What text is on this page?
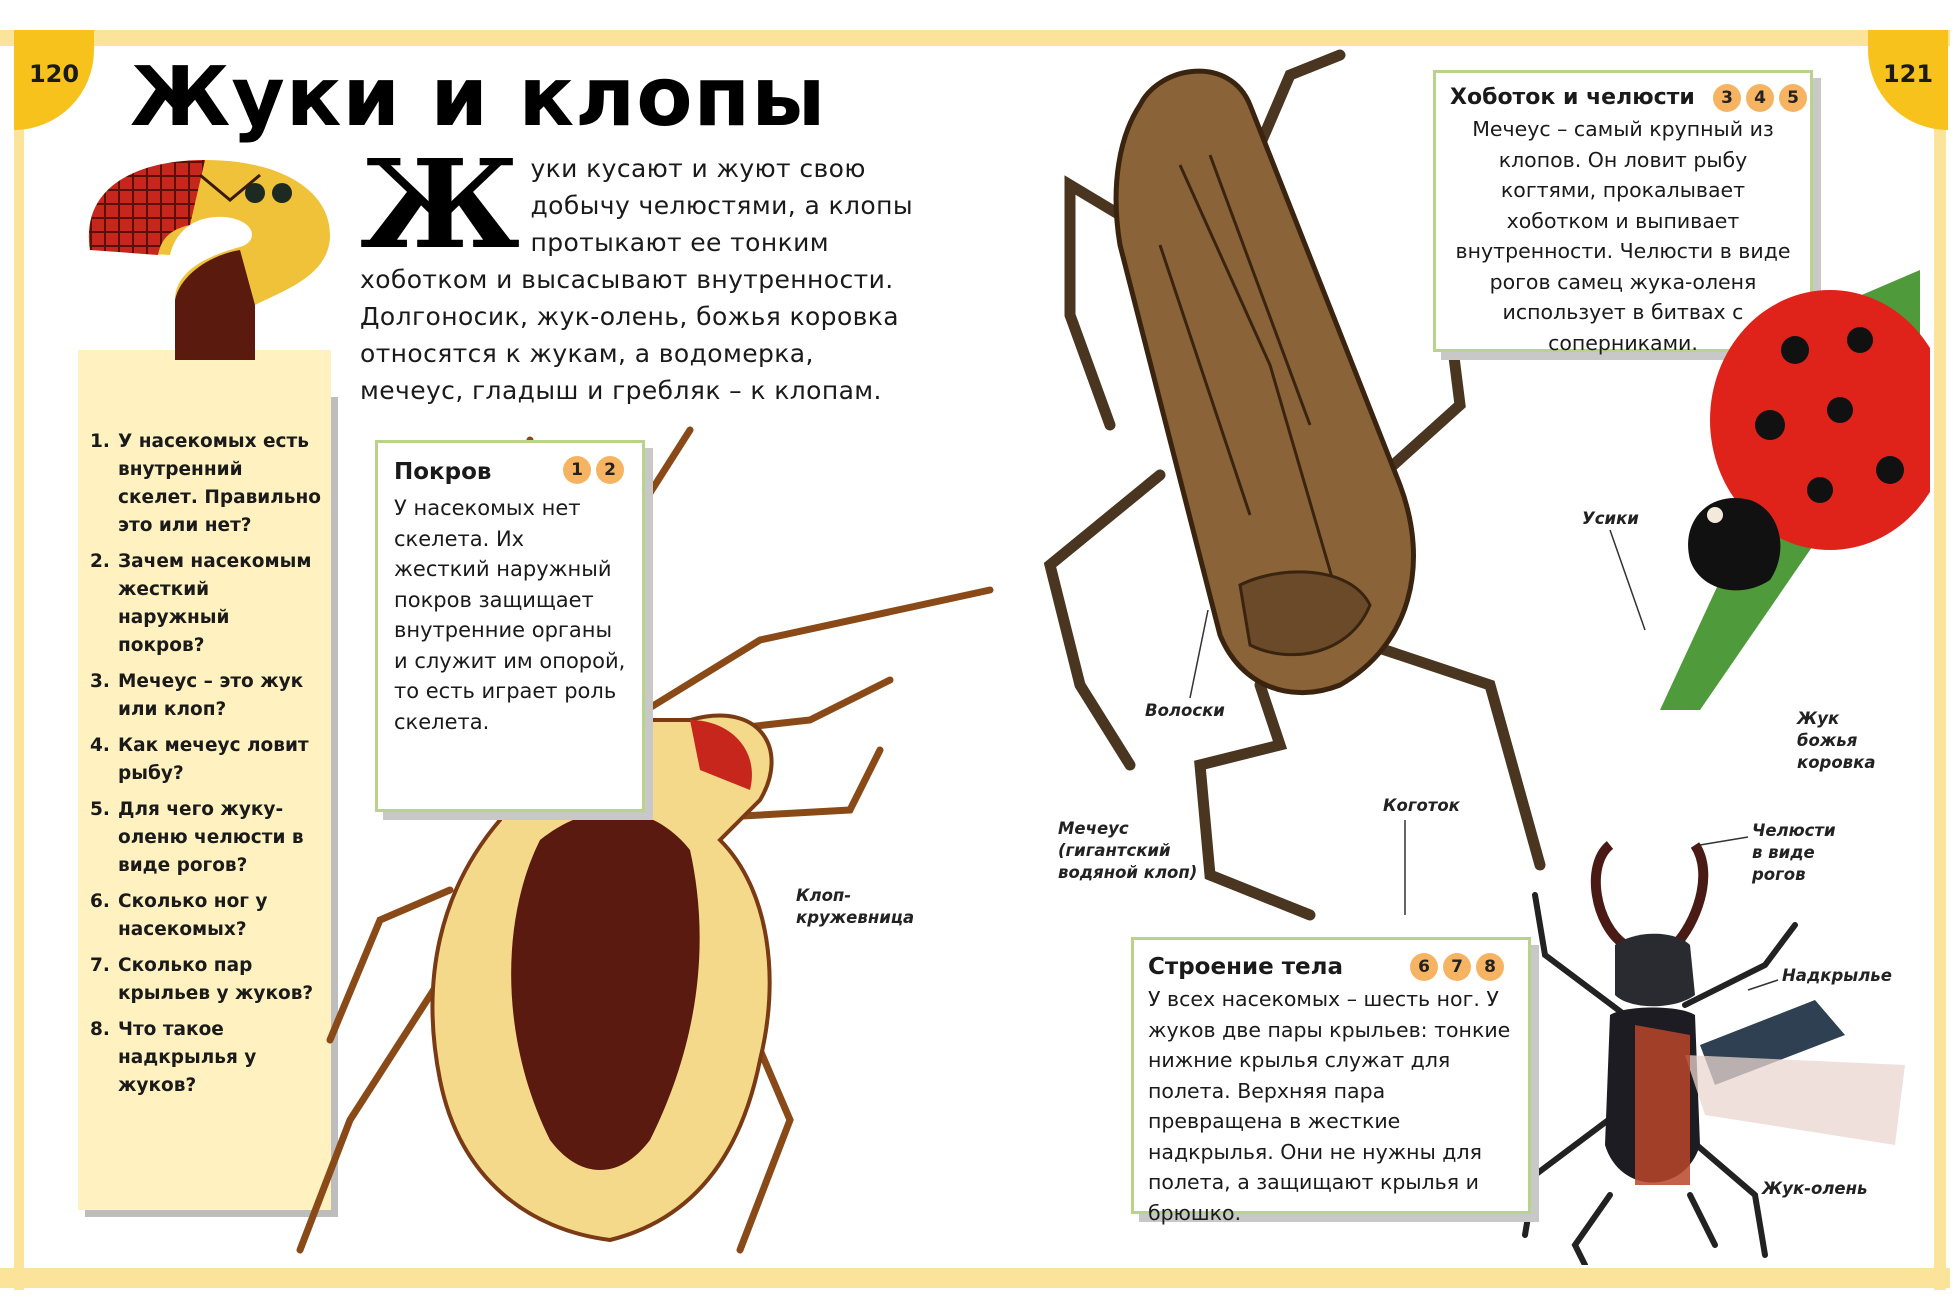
120	121
Жуки и клопы
1. У насекомых есть внутренний скелет. Правильно это или нет?
2. Зачем насекомым жесткий наружный покров?
3. Мечеус – это жук или клоп?
4. Как мечеус ловит рыбу?
5. Для чего жуку-оленю челюсти в виде рогов?
6. Сколько ног у насекомых?
7. Сколько пар крыльев у жуков?
8. Что такое надкрылья у жуков?
Жуки кусают и жуют свою добычу челюстями, а клопы протыкают ее тонким хоботком и высасывают внутренности. Долгоносик, жук-олень, божья коровка относятся к жукам, а водомерка, мечеус, гладыш и гребляк – к клопам.
Покров
У насекомых нет скелета. Их жесткий наружный покров защищает внутренние органы и служит им опорой, то есть играет роль скелета.
1	2
Клоп-
кружевница
Хоботок и челюсти
Мечеус – самый крупный из клопов. Он ловит рыбу когтями, прокалывает хоботком и выпивает внутренности. Челюсти в виде рогов самец жука-оленя использует в битвах с соперниками.
3	4	5
Волоски
Мечеус
(гигантский
водяной клоп)
Коготок
Усики
Жук
божья
коровка
Челюсти
в виде
рогов
Надкрылье
Жук-олень
Строение тела
У всех насекомых – шесть ног. У жуков две пары крыльев: тонкие нижние крылья служат для полета. Верхняя пара превращена в жесткие надкрылья. Они не нужны для полета, а защищают крылья и брюшко.
6	7	8
